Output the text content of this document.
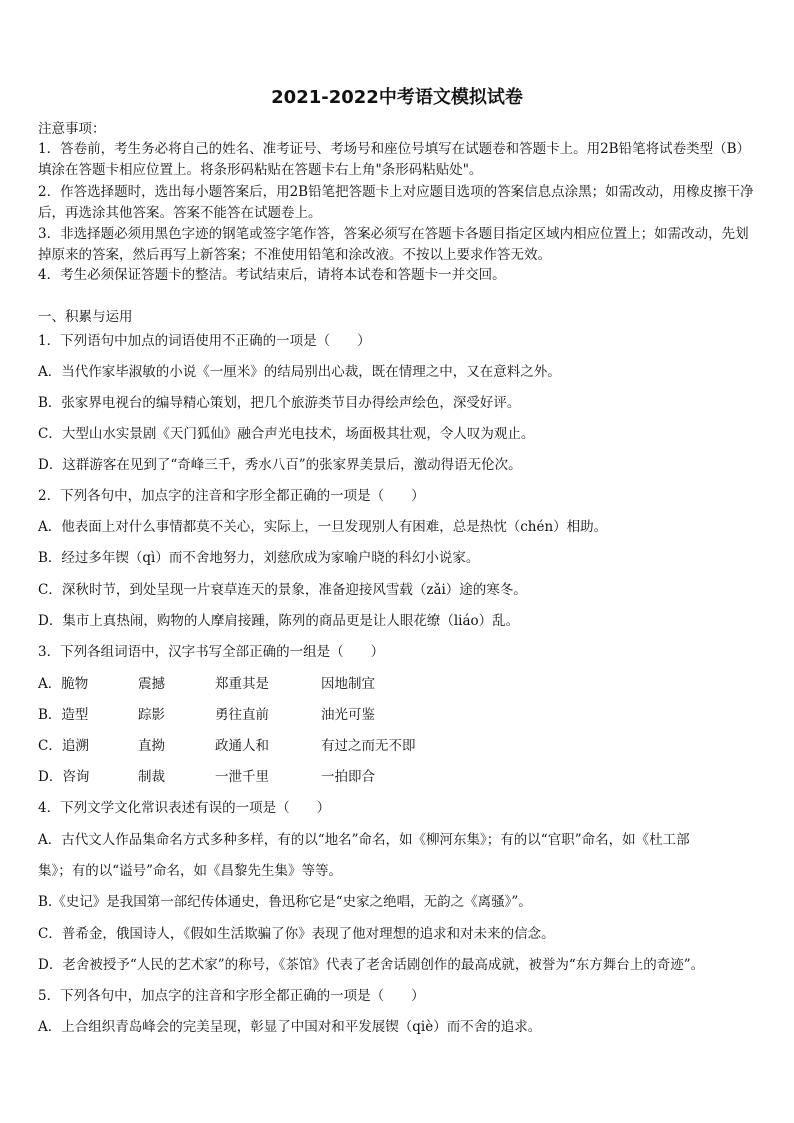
2021-2022中考语文模拟试卷
注意事项：

1．答卷前，考生务必将自己的姓名、准考证号、考场号和座位号填写在试题卷和答题卡上。用2B铅笔将试卷类型（B）填涂在答题卡相应位置上。将条形码粘贴在答题卡右上角"条形码粘贴处"。

2．作答选择题时，选出每小题答案后，用2B铅笔把答题卡上对应题目选项的答案信息点涂黑；如需改动，用橡皮擦干净后，再选涂其他答案。答案不能答在试题卷上。

3．非选择题必须用黑色字迹的钢笔或签字笔作答，答案必须写在答题卡各题目指定区域内相应位置上；如需改动，先划掉原来的答案，然后再写上新答案；不准使用铅笔和涂改液。不按以上要求作答无效。

4．考生必须保证答题卡的整洁。考试结束后，请将本试卷和答题卡一并交回。

一、积累与运用

1．下列语句中加点的词语使用不正确的一项是（　　）

A．当代作家毕淑敏的小说《一厘米》的结局别出心裁，既在情理之中，又在意料之外。

B．张家界电视台的编导精心策划，把几个旅游类节目办得绘声绘色，深受好评。

C．大型山水实景剧《天门狐仙》融合声光电技术，场面极其壮观，令人叹为观止。

D．这群游客在见到了“奇峰三千，秀水八百”的张家界美景后，激动得语无伦次。

2．下列各句中，加点字的注音和字形全都正确的一项是（　　）

A．他表面上对什么事情都莫不关心，实际上，一旦发现别人有困难，总是热忱（chén）相助。

B．经过多年锲（qì）而不舍地努力，刘慈欣成为家喻户晓的科幻小说家。

C．深秋时节，到处呈现一片衰草连天的景象，准备迎接风雪载（zǎi）途的寒冬。

D．集市上真热闹，购物的人摩肩接踵，陈列的商品更是让人眼花缭（liáo）乱。

3．下列各组词语中，汉字书写全部正确的一组是（　　）

A．脆物	震撼	郑重其是	因地制宜
B．造型	踪影	勇往直前	油光可鉴
C．追溯	直拗	政通人和	有过之而无不即
D．咨询	制裁	一泄千里	一拍即合

4．下列文学文化常识表述有误的一项是（　　）

A．古代文人作品集命名方式多种多样，有的以“地名”命名，如《柳河东集》；有的以“官职”命名，如《杜工部

集》；有的以“谥号”命名，如《昌黎先生集》等等。

B.《史记》是我国第一部纪传体通史，鲁迅称它是“史家之绝唱，无韵之《离骚》”。

C．普希金，俄国诗人，《假如生活欺骗了你》表现了他对理想的追求和对未来的信念。

D．老舍被授予“人民的艺术家”的称号，《茶馆》代表了老舍话剧创作的最高成就，被誉为“东方舞台上的奇迹”。

5．下列各句中，加点字的注音和字形全都正确的一项是（　　）

A．上合组织青岛峰会的完美呈现，彰显了中国对和平发展锲（qiè）而不舍的追求。
